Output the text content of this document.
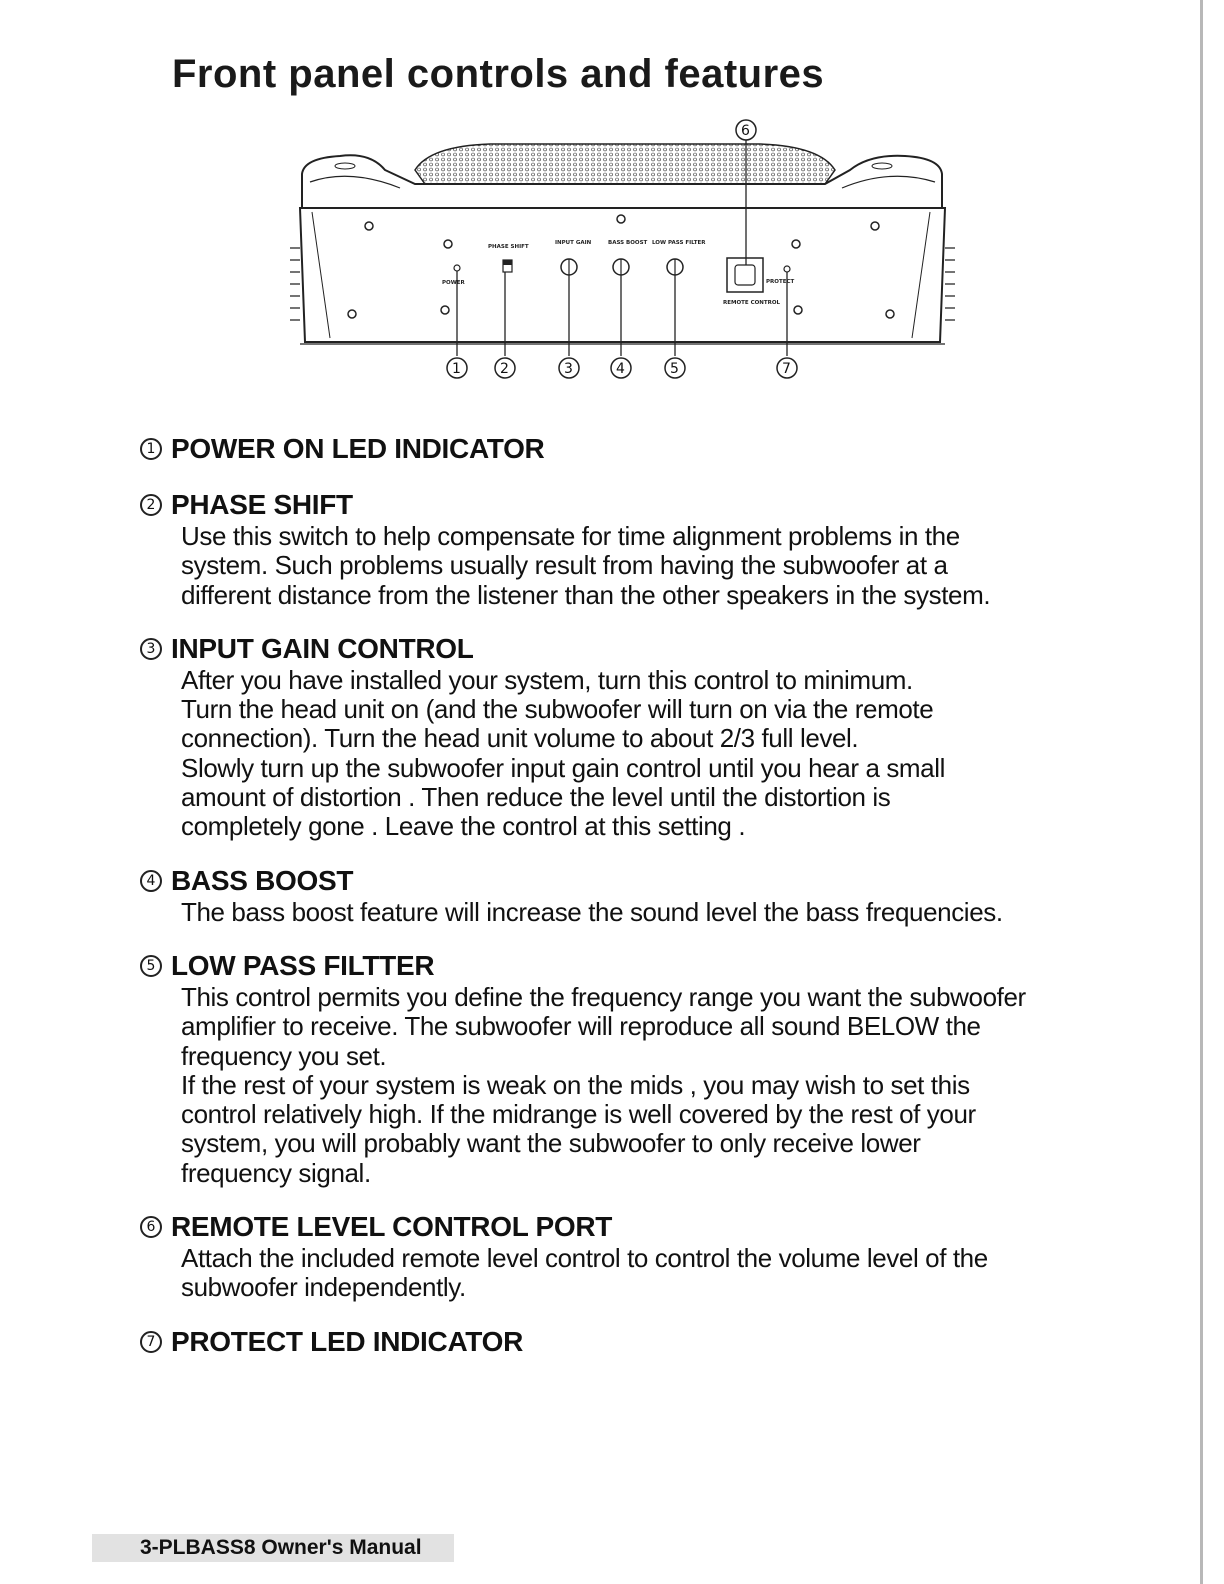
Front panel controls and features
POWER
PHASE SHIFT
INPUT GAIN	BASS BOOST LOW PASS FILTER
REMOTE CONTROL
PROTECT
1	2	3	4	5
6
7
1 POWER ON LED INDICATOR
2 PHASE SHIFT

Use this switch to help compensate for time alignment problems in the

system. Such problems usually result from having the subwoofer at a

different distance from the listener than the other speakers in the system.

3 INPUT GAIN CONTROL

After you have installed your system, turn this control to minimum.

Turn the head unit on (and the subwoofer will turn on via the remote

connection). Turn the head unit volume to about 2/3 full level.

Slowly turn up the subwoofer input gain control until you hear a small

amount of distortion . Then reduce the level until the distortion is

completely gone . Leave the control at this setting .

4 BASS BOOST

The bass boost feature will increase the sound level the bass frequencies.

5 LOW PASS FILTTER

This control permits you define the frequency range you want the subwoofer

amplifier to receive. The subwoofer will reproduce all sound BELOW the

frequency you set.

If the rest of your system is weak on the mids , you may wish to set this

control relatively high. If the midrange is well covered by the rest of your

system, you will probably want the subwoofer to only receive lower

frequency signal.

6 REMOTE LEVEL CONTROL PORT

Attach the included remote level control to control the volume level of the

subwoofer independently.

7 PROTECT LED INDICATOR
3-PLBASS8 Owner's Manual
